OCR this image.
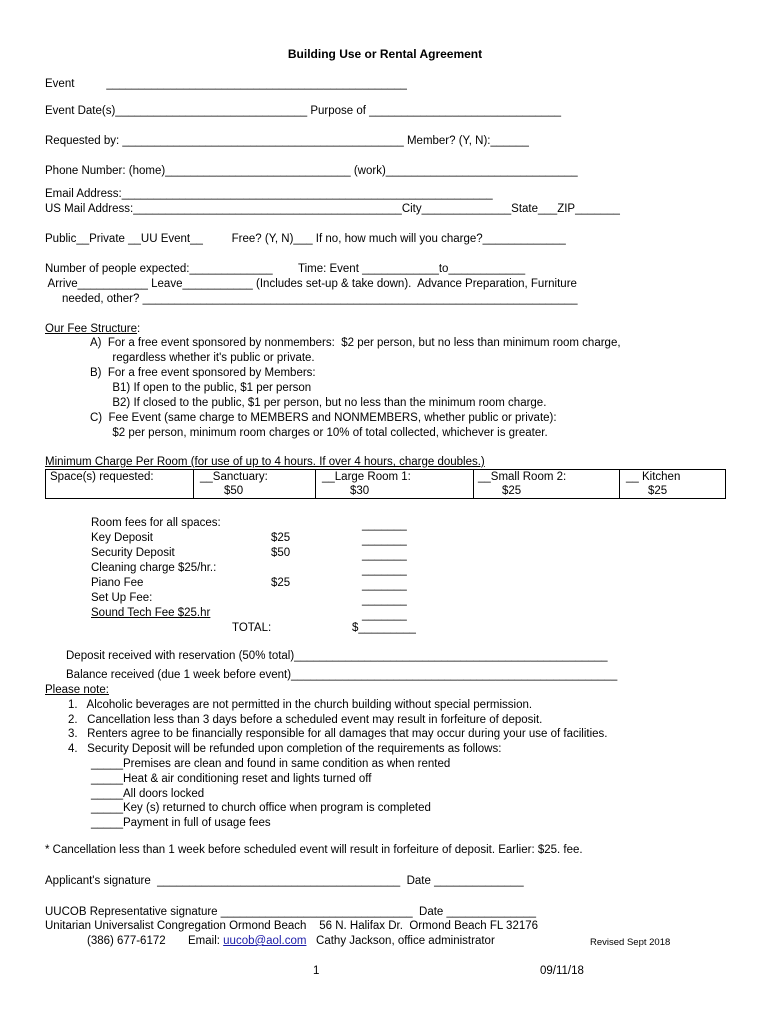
Building Use or Rental Agreement
Event          _______________________________________________
Event Date(s)______________________________ Purpose of ______________________________
Requested by: ____________________________________________ Member? (Y, N):______
Phone Number: (home)_____________________________ (work)______________________________
Email Address:__________________________________________________________
US Mail Address:__________________________________________City______________State___ZIP_______
Public__Private __UU Event__         Free? (Y, N)___ If no, how much will you charge?_____________
Number of people expected:_____________        Time: Event ____________to____________
Arrive___________ Leave___________ (Includes set-up & take down).  Advance Preparation, Furniture
needed, other? ____________________________________________________________________
Our Fee Structure:
A)  For a free event sponsored by nonmembers:  $2 per person, but no less than minimum room charge,
regardless whether it's public or private.
B)  For a free event sponsored by Members:
B1) If open to the public, $1 per person
B2) If closed to the public, $1 per person, but no less than the minimum room charge.
C)  Fee Event (same charge to MEMBERS and NONMEMBERS, whether public or private):
$2 per person, minimum room charges or 10% of total collected, whichever is greater.
Minimum Charge Per Room (for use of up to 4 hours. If over 4 hours, charge doubles.)
Space(s) requested:	__Sanctuary:
$50

__Large Room 1:
$30

__Small Room 2:
$25

__ Kitchen
$25
Room fees for all spaces:	_______
Key Deposit	$25	_______
Security Deposit	$50	_______
Cleaning charge $25/hr.:	_______
Piano Fee	$25	_______
Set Up Fee:	_______
Sound Tech Fee $25.hr	_______
TOTAL:	$_________
Deposit received with reservation (50% total)_________________________________________________
Balance received (due 1 week before event)___________________________________________________
Please note:
1.   Alcoholic beverages are not permitted in the church building without special permission.
2.   Cancellation less than 3 days before a scheduled event may result in forfeiture of deposit.
3.   Renters agree to be financially responsible for all damages that may occur during your use of facilities.
4.   Security Deposit will be refunded upon completion of the requirements as follows:
_____Premises are clean and found in same condition as when rented
_____Heat & air conditioning reset and lights turned off
_____All doors locked
_____Key (s) returned to church office when program is completed
_____Payment in full of usage fees
* Cancellation less than 1 week before scheduled event will result in forfeiture of deposit. Earlier: $25. fee.
Applicant's signature  ______________________________________  Date ______________
UUCOB Representative signature ______________________________  Date ______________
Unitarian Universalist Congregation Ormond Beach    56 N. Halifax Dr.  Ormond Beach FL 32176
(386) 677-6172       Email: uucob@aol.com   Cathy Jackson, office administrator	Revised Sept 2018
1	09/11/18
